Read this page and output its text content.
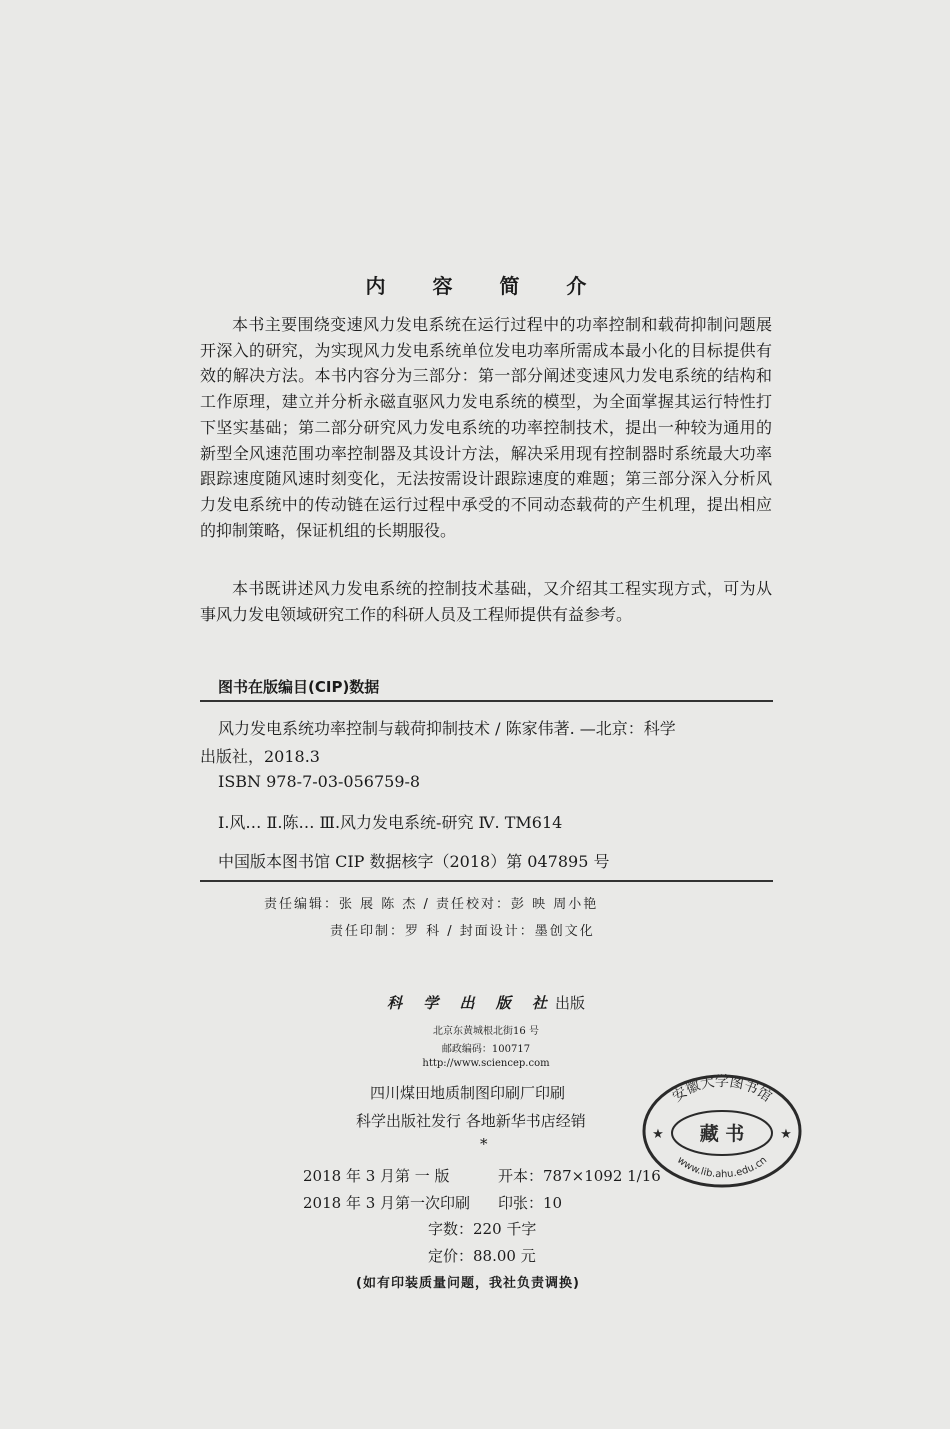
内 容 简 介
本书主要围绕变速风力发电系统在运行过程中的功率控制和载荷抑制问题展开深入的研究，为实现风力发电系统单位发电功率所需成本最小化的目标提供有效的解决方法。本书内容分为三部分：第一部分阐述变速风力发电系统的结构和工作原理，建立并分析永磁直驱风力发电系统的模型，为全面掌握其运行特性打下坚实基础；第二部分研究风力发电系统的功率控制技术，提出一种较为通用的新型全风速范围功率控制器及其设计方法，解决采用现有控制器时系统最大功率跟踪速度随风速时刻变化，无法按需设计跟踪速度的难题；第三部分深入分析风力发电系统中的传动链在运行过程中承受的不同动态载荷的产生机理，提出相应的抑制策略，保证机组的长期服役。
本书既讲述风力发电系统的控制技术基础，又介绍其工程实现方式，可为从事风力发电领域研究工作的科研人员及工程师提供有益参考。
图书在版编目(CIP)数据
风力发电系统功率控制与载荷抑制技术 / 陈家伟著. —北京：科学
出版社，2018.3
ISBN 978-7-03-056759-8
Ⅰ.风… Ⅱ.陈… Ⅲ.风力发电系统-研究 Ⅳ. TM614
中国版本图书馆 CIP 数据核字（2018）第 047895 号
责任编辑：张 展 陈 杰 / 责任校对：彭 映 周小艳
责任印制：罗 科 / 封面设计：墨创文化
科 学 出 版 社出版
北京东黄城根北街16 号
邮政编码：100717
http://www.sciencep.com
四川煤田地质制图印刷厂印刷
科学出版社发行 各地新华书店经销
*
2018 年 3 月第 一 版	开本：787×1092 1/16
2018 年 3 月第一次印刷 印张：10
字数：220 千字
定价：88.00 元
(如有印装质量问题，我社负责调换)
安徽大学图书馆
藏 书
www.lib.ahu.edu.cn
★	★
